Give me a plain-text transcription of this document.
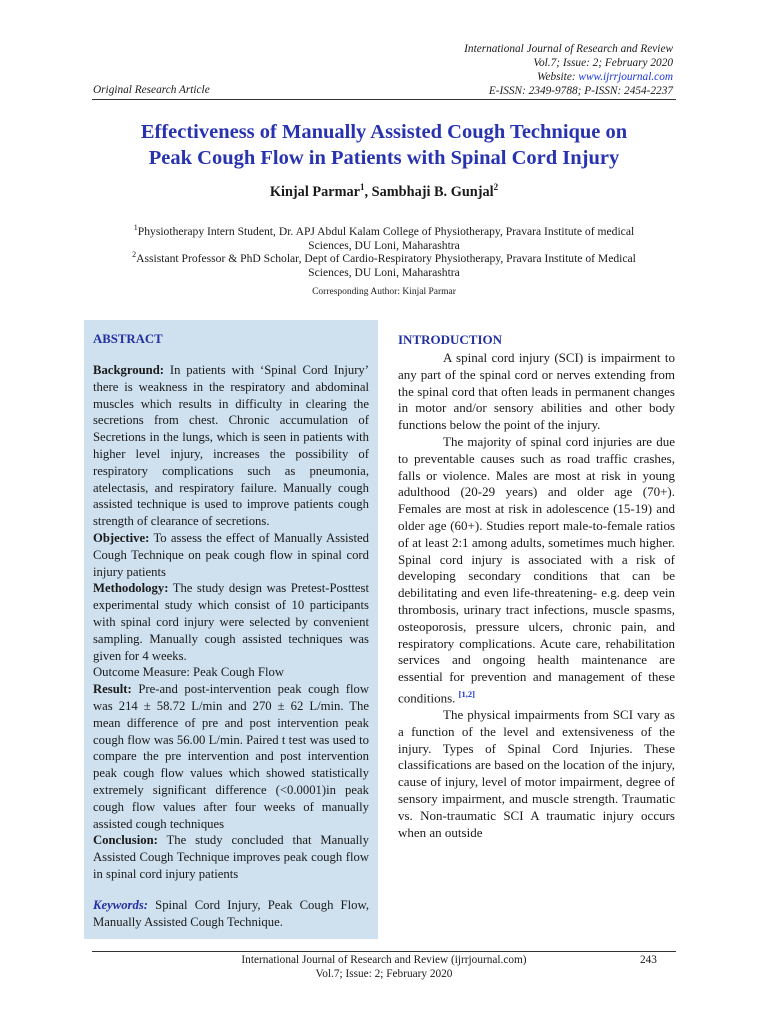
International Journal of Research and Review
Vol.7; Issue: 2; February 2020
Website: www.ijrrjournal.com
E-ISSN: 2349-9788; P-ISSN: 2454-2237
Original Research Article
Effectiveness of Manually Assisted Cough Technique on
Peak Cough Flow in Patients with Spinal Cord Injury
Kinjal Parmar$^1$, Sambhaji B. Gunjal$^2$
$^1$Physiotherapy Intern Student, Dr. APJ Abdul Kalam College of Physiotherapy, Pravara Institute of medical
Sciences, DU Loni, Maharashtra
$^2$Assistant Professor & PhD Scholar, Dept of Cardio-Respiratory Physiotherapy, Pravara Institute of Medical
Sciences, DU Loni, Maharashtra
Corresponding Author: Kinjal Parmar
ABSTRACT

Background: In patients with ‘Spinal Cord Injury’ there is weakness in the respiratory and abdominal muscles which results in difficulty in clearing the secretions from chest. Chronic accumulation of Secretions in the lungs, which is seen in patients with higher level injury, increases the possibility of respiratory complications such as pneumonia, atelectasis, and respiratory failure. Manually cough assisted technique is used to improve patients cough strength of clearance of secretions.

Objective: To assess the effect of Manually Assisted Cough Technique on peak cough flow in spinal cord injury patients

Methodology: The study design was Pretest-Posttest experimental study which consist of 10 participants with spinal cord injury were selected by convenient sampling. Manually cough assisted techniques was given for 4 weeks.

Outcome Measure: Peak Cough Flow

Result: Pre-and post-intervention peak cough flow was 214 ± 58.72 L/min and 270 ± 62 L/min. The mean difference of pre and post intervention peak cough flow was 56.00 L/min. Paired t test was used to compare the pre intervention and post intervention peak cough flow values which showed statistically extremely significant difference (<0.0001)in peak cough flow values after four weeks of manually assisted cough techniques

Conclusion: The study concluded that Manually Assisted Cough Technique improves peak cough flow in spinal cord injury patients

Keywords: Spinal Cord Injury, Peak Cough Flow, Manually Assisted Cough Technique.

INTRODUCTION

A spinal cord injury (SCI) is impairment to any part of the spinal cord or nerves extending from the spinal cord that often leads in permanent changes in motor and/or sensory abilities and other body functions below the point of the injury.

The majority of spinal cord injuries are due to preventable causes such as road traffic crashes, falls or violence. Males are most at risk in young adulthood (20-29 years) and older age (70+). Females are most at risk in adolescence (15-19) and older age (60+). Studies report male-to-female ratios of at least 2:1 among adults, sometimes much higher. Spinal cord injury is associated with a risk of developing secondary conditions that can be debilitating and even life-threatening- e.g. deep vein thrombosis, urinary tract infections, muscle spasms, osteoporosis, pressure ulcers, chronic pain, and respiratory complications. Acute care, rehabilitation services and ongoing health maintenance are essential for prevention and management of these conditions. [1,2]

The physical impairments from SCI vary as a function of the level and extensiveness of the injury. Types of Spinal Cord Injuries. These classifications are based on the location of the injury, cause of injury, level of motor impairment, degree of sensory impairment, and muscle strength. Traumatic vs. Non-traumatic SCI A traumatic injury occurs when an outside

International Journal of Research and Review (ijrrjournal.com)
Vol.7; Issue: 2; February 2020
243
